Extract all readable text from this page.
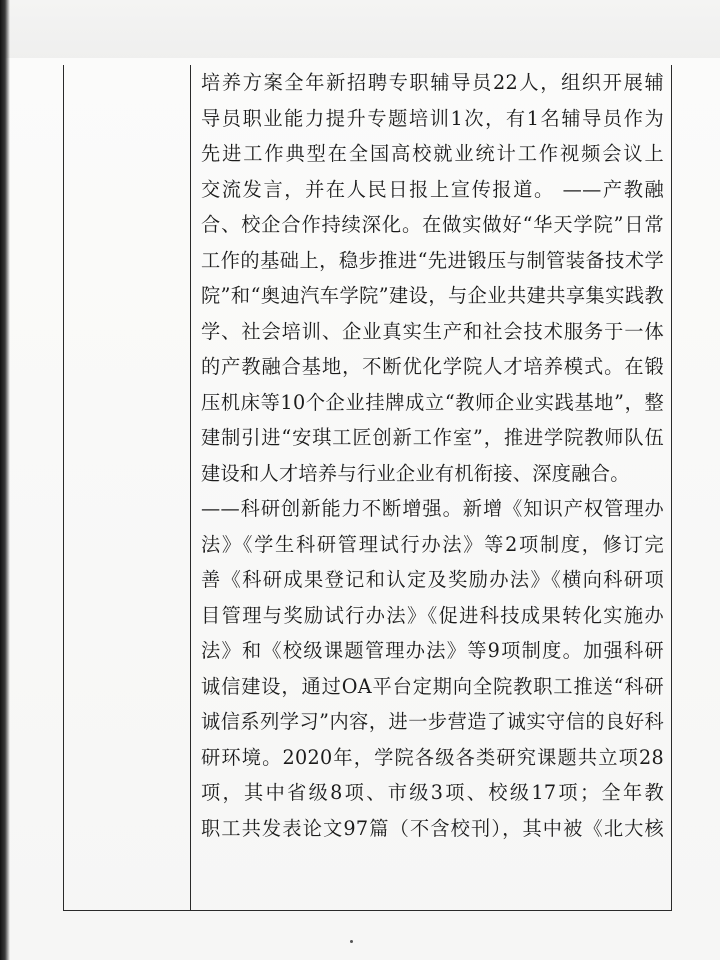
培养方案全年新招聘专职辅导员22人，组织开展辅
导员职业能力提升专题培训1次，有1名辅导员作为
先进工作典型在全国高校就业统计工作视频会议上
交流发言，并在人民日报上宣传报道。 ——产教融
合、校企合作持续深化。在做实做好“华天学院”日常
工作的基础上，稳步推进“先进锻压与制管装备技术学
院”和“奥迪汽车学院”建设，与企业共建共享集实践教
学、社会培训、企业真实生产和社会技术服务于一体
的产教融合基地，不断优化学院人才培养模式。在锻
压机床等10个企业挂牌成立“教师企业实践基地”，整
建制引进“安琪工匠创新工作室”，推进学院教师队伍
建设和人才培养与行业企业有机衔接、深度融合。
——科研创新能力不断增强。新增《知识产权管理办
法》《学生科研管理试行办法》等2项制度，修订完
善《科研成果登记和认定及奖励办法》《横向科研项
目管理与奖励试行办法》《促进科技成果转化实施办
法》和《校级课题管理办法》等9项制度。加强科研
诚信建设，通过OA平台定期向全院教职工推送“科研
诚信系列学习”内容，进一步营造了诚实守信的良好科
研环境。2020年，学院各级各类研究课题共立项28
项，其中省级8项、市级3项、校级17项；全年教
职工共发表论文97篇（不含校刊），其中被《北大核
